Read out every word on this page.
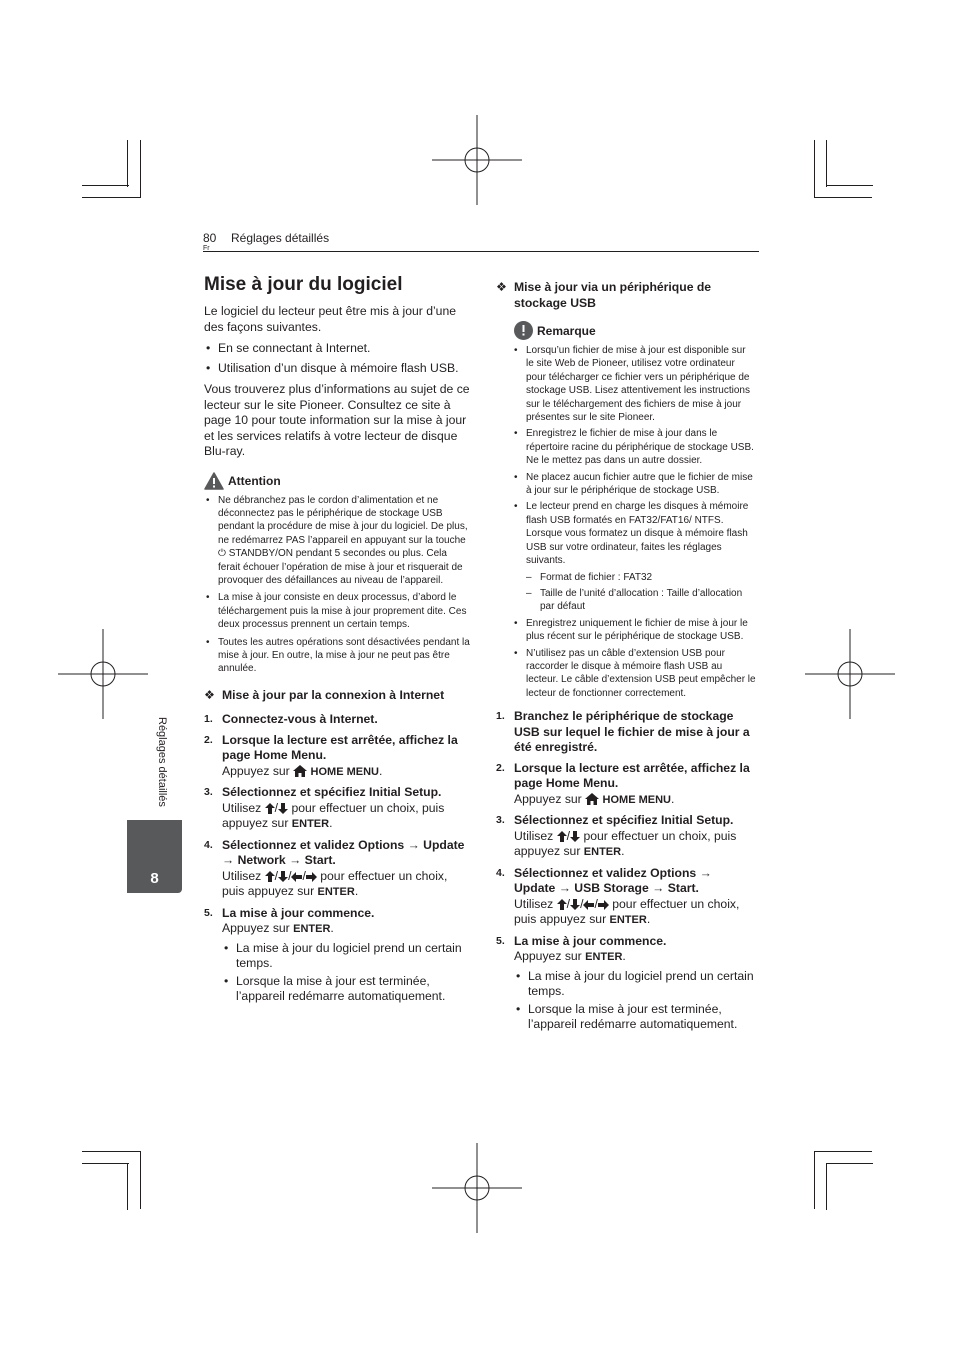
80
Fr
Réglages détaillés
Réglages détaillés
8
Mise à jour du logiciel

Le logiciel du lecteur peut être mis à jour d’une des façons suivantes.

• En se connectant à Internet.
• Utilisation d’un disque à mémoire flash USB.

Vous trouverez plus d’informations au sujet de ce lecteur sur le site Pioneer. Consultez ce site à page 10 pour toute information sur la mise à jour et les services relatifs à votre lecteur de disque Blu-ray.

Attention
• Ne débranchez pas le cordon d’alimentation et ne déconnectez pas le périphérique de stockage USB pendant la procédure de mise à jour du logiciel. De plus, ne redémarrez PAS l’appareil en appuyant sur la touche ⏻ STANDBY/ON pendant 5 secondes ou plus. Cela ferait échouer l’opération de mise à jour et risquerait de provoquer des défaillances au niveau de l’appareil.
• La mise à jour consiste en deux processus, d’abord le téléchargement puis la mise à jour proprement dite. Ces deux processus prennent un certain temps.
• Toutes les autres opérations sont désactivées pendant la mise à jour. En outre, la mise à jour ne peut pas être annulée.
❖ Mise à jour par la connexion à Internet
1. Connectez-vous à Internet.
2. Lorsque la lecture est arrêtée, affichez la page Home Menu.
Appuyez sur HOME MENU.
3. Sélectionnez et spécifiez Initial Setup.
Utilisez / pour effectuer un choix, puis appuyez sur ENTER.
4. Sélectionnez et validez Options → Update → Network → Start.
Utilisez / / / pour effectuer un choix, puis appuyez sur ENTER.
5. La mise à jour commence.
Appuyez sur ENTER.
• La mise à jour du logiciel prend un certain temps.
• Lorsque la mise à jour est terminée, l’appareil redémarre automatiquement.
❖ Mise à jour via un périphérique de stockage USB
Remarque
• Lorsqu’un fichier de mise à jour est disponible sur le site Web de Pioneer, utilisez votre ordinateur pour télécharger ce fichier vers un périphérique de stockage USB. Lisez attentivement les instructions sur le téléchargement des fichiers de mise à jour présentes sur le site Pioneer.
• Enregistrez le fichier de mise à jour dans le répertoire racine du périphérique de stockage USB. Ne le mettez pas dans un autre dossier.
• Ne placez aucun fichier autre que le fichier de mise à jour sur le périphérique de stockage USB.
• Le lecteur prend en charge les disques à mémoire flash USB formatés en FAT32/FAT16/ NTFS. Lorsque vous formatez un disque à mémoire flash USB sur votre ordinateur, faites les réglages suivants.
– Format de fichier : FAT32
– Taille de l’unité d’allocation : Taille d’allocation par défaut
• Enregistrez uniquement le fichier de mise à jour le plus récent sur le périphérique de stockage USB.
• N’utilisez pas un câble d’extension USB pour raccorder le disque à mémoire flash USB au lecteur. Le câble d’extension USB peut empêcher le lecteur de fonctionner correctement.
1. Branchez le périphérique de stockage USB sur lequel le fichier de mise à jour a été enregistré.
2. Lorsque la lecture est arrêtée, affichez la page Home Menu.
Appuyez sur HOME MENU.
3. Sélectionnez et spécifiez Initial Setup.
Utilisez / pour effectuer un choix, puis appuyez sur ENTER.
4. Sélectionnez et validez Options → Update → USB Storage → Start.
Utilisez / / / pour effectuer un choix, puis appuyez sur ENTER.
5. La mise à jour commence.
Appuyez sur ENTER.
• La mise à jour du logiciel prend un certain temps.
• Lorsque la mise à jour est terminée, l’appareil redémarre automatiquement.
